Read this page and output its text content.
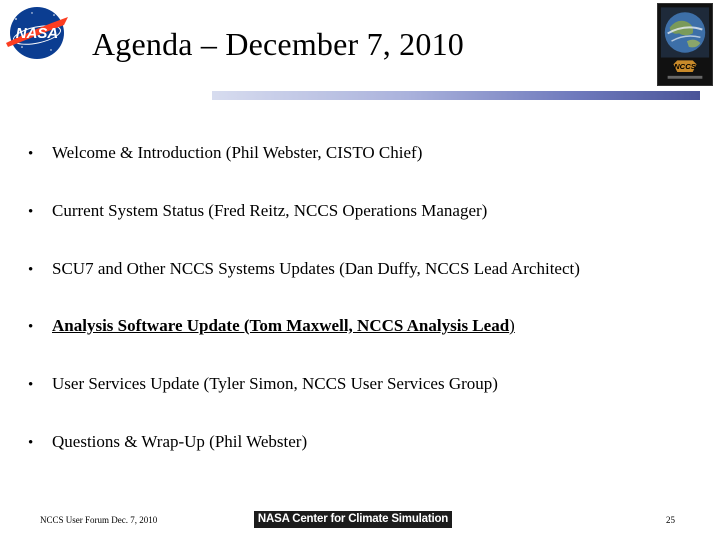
NASA Agenda – December 7, 2010
NCCS
•	Welcome & Introduction (Phil Webster, CISTO Chief)
•	Current System Status (Fred Reitz, NCCS Operations Manager)
•	SCU7 and Other NCCS Systems Updates (Dan Duffy, NCCS Lead Architect)
•	Analysis Software Update (Tom Maxwell, NCCS Analysis Lead)
•	User Services Update (Tyler Simon, NCCS User Services Group)
•	Questions & Wrap-Up (Phil Webster)
NCCS User Forum Dec. 7, 2010	NASA Center for Climate Simulation	25
